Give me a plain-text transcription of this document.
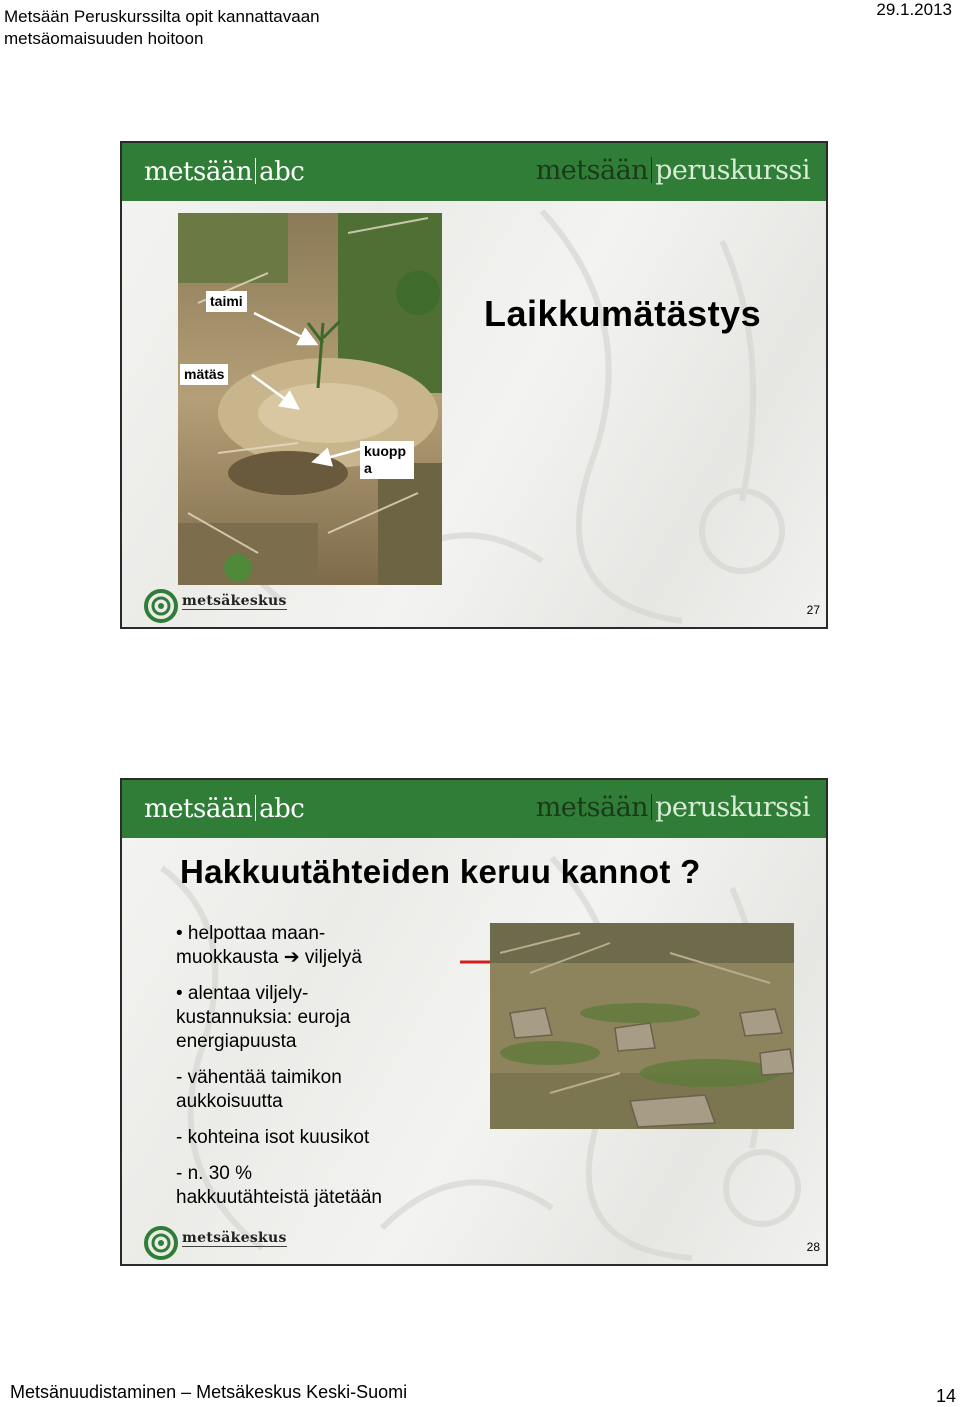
Metsään Peruskurssilta opit kannattavaan metsäomaisuuden hoitoon
29.1.2013
metsään abc	metsään peruskurssi
taimi
mätäs
kuopp
a
Laikkumätästys
metsäkeskus
27
metsään abc	metsään peruskurssi
Hakkuutähteiden keruu kannot ?
• helpottaa maan-
muokkausta ➔ viljelyä
• alentaa viljely-
kustannuksia: euroja
energiapuusta
- vähentää taimikon
aukkoisuutta
- kohteina isot kuusikot
- n. 30 %
hakkuutähteistä jätetään
metsäkeskus
28
Metsänuudistaminen – Metsäkeskus Keski-Suomi	14
